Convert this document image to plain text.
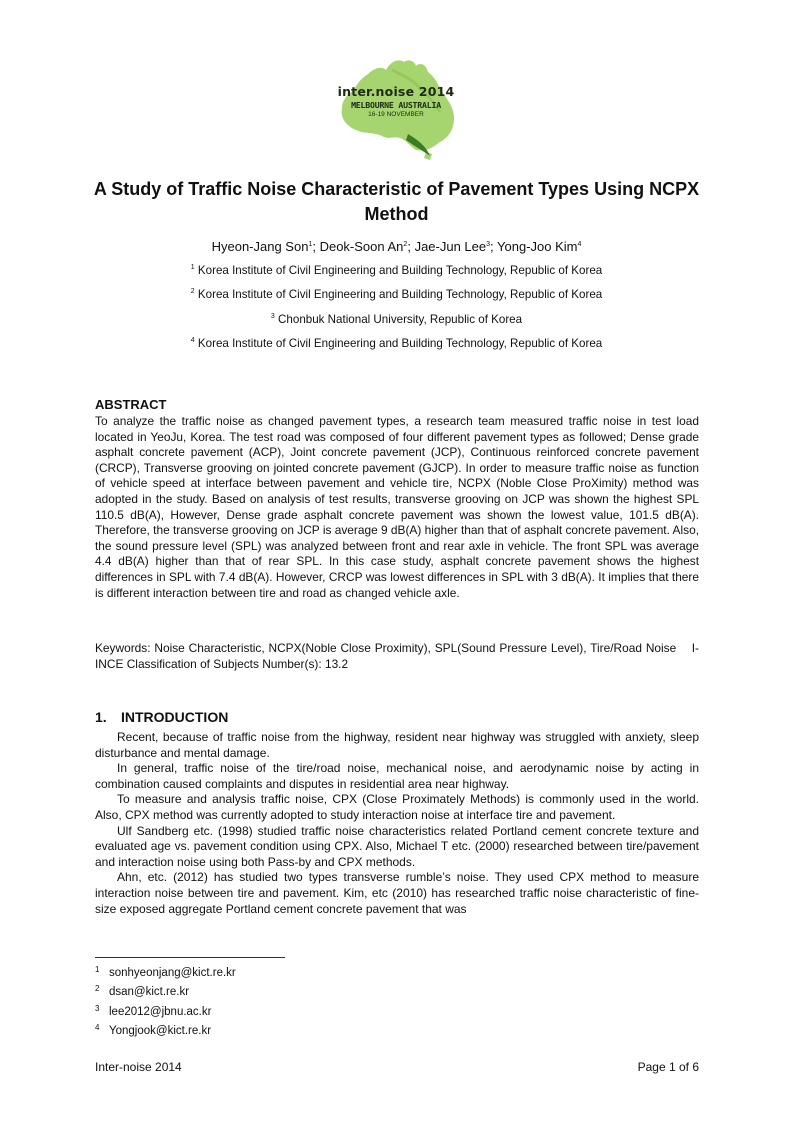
inter.noise 2014
MELBOURNE AUSTRALIA
16-19 NOVEMBER
A Study of Traffic Noise Characteristic of Pavement Types Using NCPX Method
Hyeon-Jang Son$^1$; Deok-Soon An$^2$; Jae-Jun Lee$^3$; Yong-Joo Kim$^4$
$^1$ Korea Institute of Civil Engineering and Building Technology, Republic of Korea
$^2$ Korea Institute of Civil Engineering and Building Technology, Republic of Korea
$^3$ Chonbuk National University, Republic of Korea
$^4$ Korea Institute of Civil Engineering and Building Technology, Republic of Korea
ABSTRACT
To analyze the traffic noise as changed pavement types, a research team measured traffic noise in test load located in YeoJu, Korea. The test road was composed of four different pavement types as followed; Dense grade asphalt concrete pavement (ACP), Joint concrete pavement (JCP), Continuous reinforced concrete pavement (CRCP), Transverse grooving on jointed concrete pavement (GJCP). In order to measure traffic noise as function of vehicle speed at interface between pavement and vehicle tire, NCPX (Noble Close ProXimity) method was adopted in the study. Based on analysis of test results, transverse grooving on JCP was shown the highest SPL 110.5 dB(A), However, Dense grade asphalt concrete pavement was shown the lowest value, 101.5 dB(A). Therefore, the transverse grooving on JCP is average 9 dB(A) higher than that of asphalt concrete pavement. Also, the sound pressure level (SPL) was analyzed between front and rear axle in vehicle. The front SPL was average 4.4 dB(A) higher than that of rear SPL. In this case study, asphalt concrete pavement shows the highest differences in SPL with 7.4 dB(A). However, CRCP was lowest differences in SPL with 3 dB(A). It implies that there is different interaction between tire and road as changed vehicle axle.
Keywords: Noise Characteristic, NCPX(Noble Close Proximity), SPL(Sound Pressure Level), Tire/Road Noise I-INCE Classification of Subjects Number(s): 13.2
1. INTRODUCTION

Recent, because of traffic noise from the highway, resident near highway was struggled with anxiety, sleep disturbance and mental damage.

In general, traffic noise of the tire/road noise, mechanical noise, and aerodynamic noise by acting in combination caused complaints and disputes in residential area near highway.

To measure and analysis traffic noise, CPX (Close Proximately Methods) is commonly used in the world. Also, CPX method was currently adopted to study interaction noise at interface tire and pavement.

Ulf Sandberg etc. (1998) studied traffic noise characteristics related Portland cement concrete texture and evaluated age vs. pavement condition using CPX. Also, Michael T etc. (2000) researched between tire/pavement and interaction noise using both Pass-by and CPX methods.

Ahn, etc. (2012) has studied two types transverse rumble’s noise. They used CPX method to measure interaction noise between tire and pavement. Kim, etc (2010) has researched traffic noise characteristic of fine-size exposed aggregate Portland cement concrete pavement that was

1 sonhyeonjang@kict.re.kr
2 dsan@kict.re.kr
3 lee2012@jbnu.ac.kr
4 Yongjook@kict.re.kr
Inter-noise 2014	Page 1 of 6
